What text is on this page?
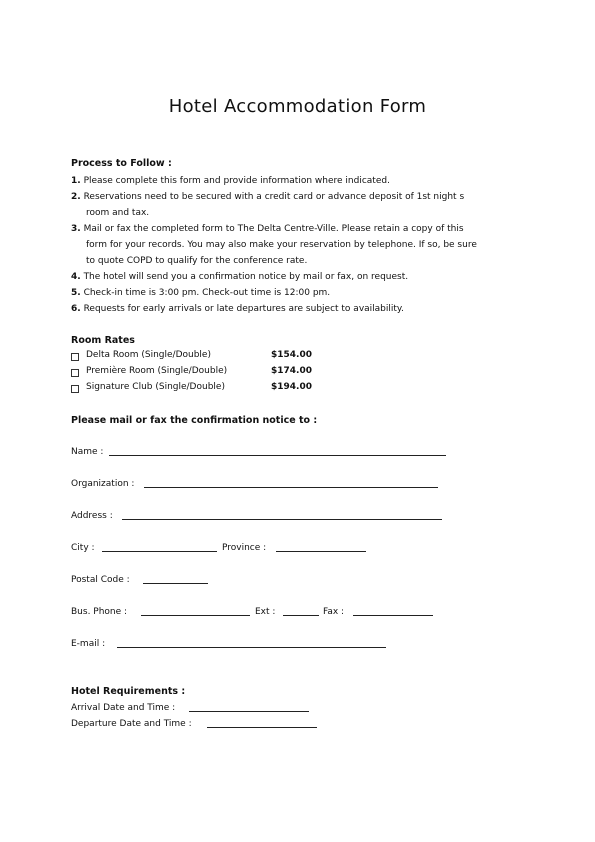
Hotel Accommodation Form
Process to Follow :
1. Please complete this form and provide information where indicated.
2. Reservations need to be secured with a credit card or advance deposit of 1st night s
room and tax.
3. Mail or fax the completed form to The Delta Centre-Ville. Please retain a copy of this
form for your records. You may also make your reservation by telephone. If so, be sure
to quote COPD to qualify for the conference rate.
4. The hotel will send you a confirmation notice by mail or fax, on request.
5. Check-in time is 3:00 pm. Check-out time is 12:00 pm.
6. Requests for early arrivals or late departures are subject to availability.
Room Rates
Delta Room (Single/Double)	$154.00
Première Room (Single/Double)	$174.00
Signature Club (Single/Double)	$194.00
Please mail or fax the confirmation notice to :
Name :
Organization :
Address :
City :	Province :
Postal Code :
Bus. Phone :	Ext :	Fax :
E-mail :
Hotel Requirements :
Arrival Date and Time :
Departure Date and Time :
